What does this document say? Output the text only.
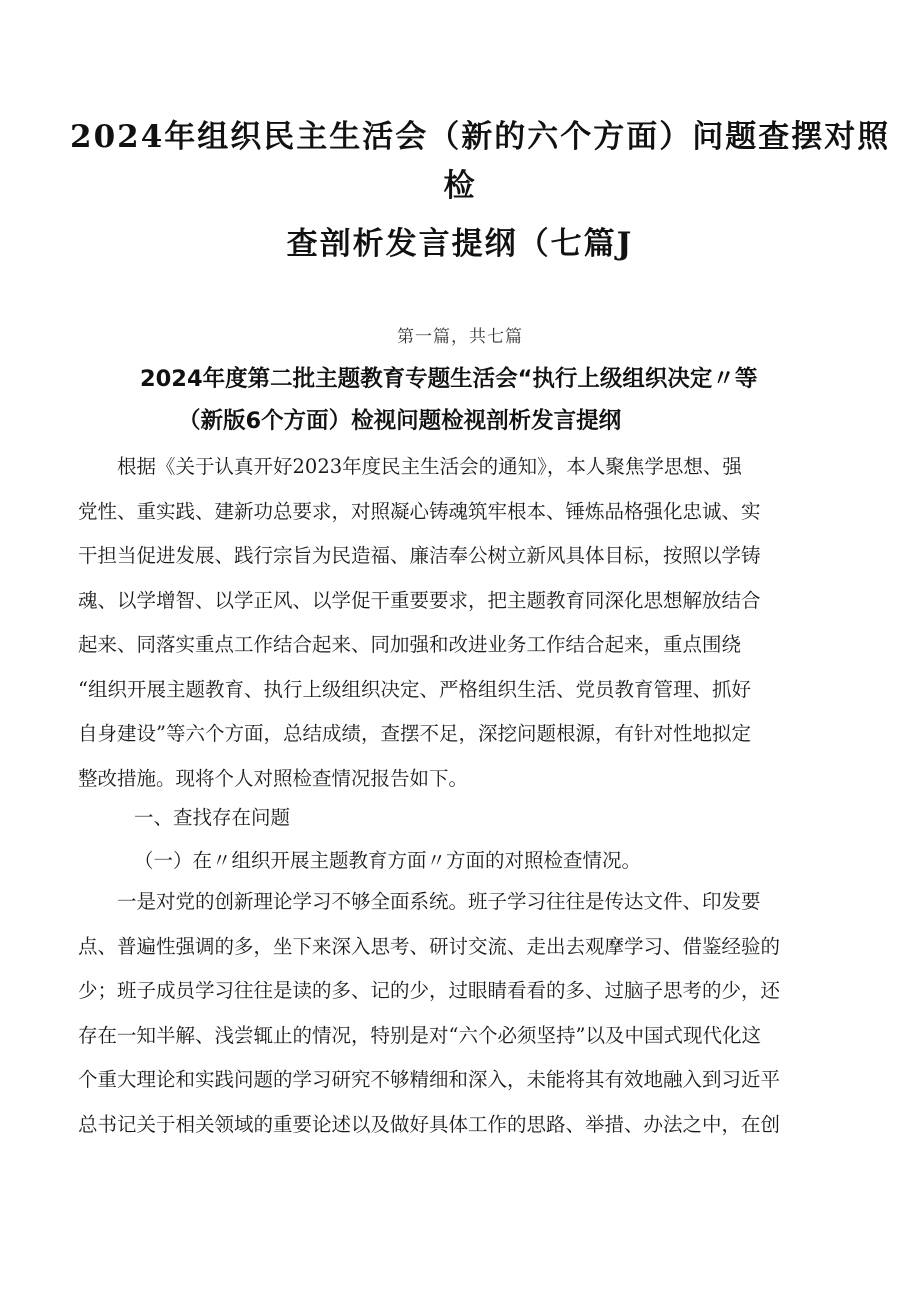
2024年组织民主生活会（新的六个方面）问题查摆对照
检
查剖析发言提纲（七篇J
第一篇，共七篇
2024年度第二批主题教育专题生活会“执行上级组织决定〃等
（新版6个方面）检视问题检视剖析发言提纲
　　根据《关于认真开好2023年度民主生活会的通知》，本人聚焦学思想、强
党性、重实践、建新功总要求，对照凝心铸魂筑牢根本、锤炼品格强化忠诚、实
干担当促进发展、践行宗旨为民造福、廉洁奉公树立新风具体目标，按照以学铸
魂、以学增智、以学正风、以学促干重要要求，把主题教育同深化思想解放结合
起来、同落实重点工作结合起来、同加强和改进业务工作结合起来，重点围绕
“组织开展主题教育、执行上级组织决定、严格组织生活、党员教育管理、抓好
自身建设”等六个方面，总结成绩，查摆不足，深挖问题根源，有针对性地拟定
整改措施。现将个人对照检查情况报告如下。
一、查找存在问题
（一）在〃组织开展主题教育方面〃方面的对照检查情况。
　　一是对党的创新理论学习不够全面系统。班子学习往往是传达文件、印发要
点、普遍性强调的多，坐下来深入思考、研讨交流、走出去观摩学习、借鉴经验的
少；班子成员学习往往是读的多、记的少，过眼睛看看的多、过脑子思考的少，还
存在一知半解、浅尝辄止的情况，特别是对“六个必须坚持”以及中国式现代化这
个重大理论和实践问题的学习研究不够精细和深入，未能将其有效地融入到习近平
总书记关于相关领域的重要论述以及做好具体工作的思路、举措、办法之中，在创
